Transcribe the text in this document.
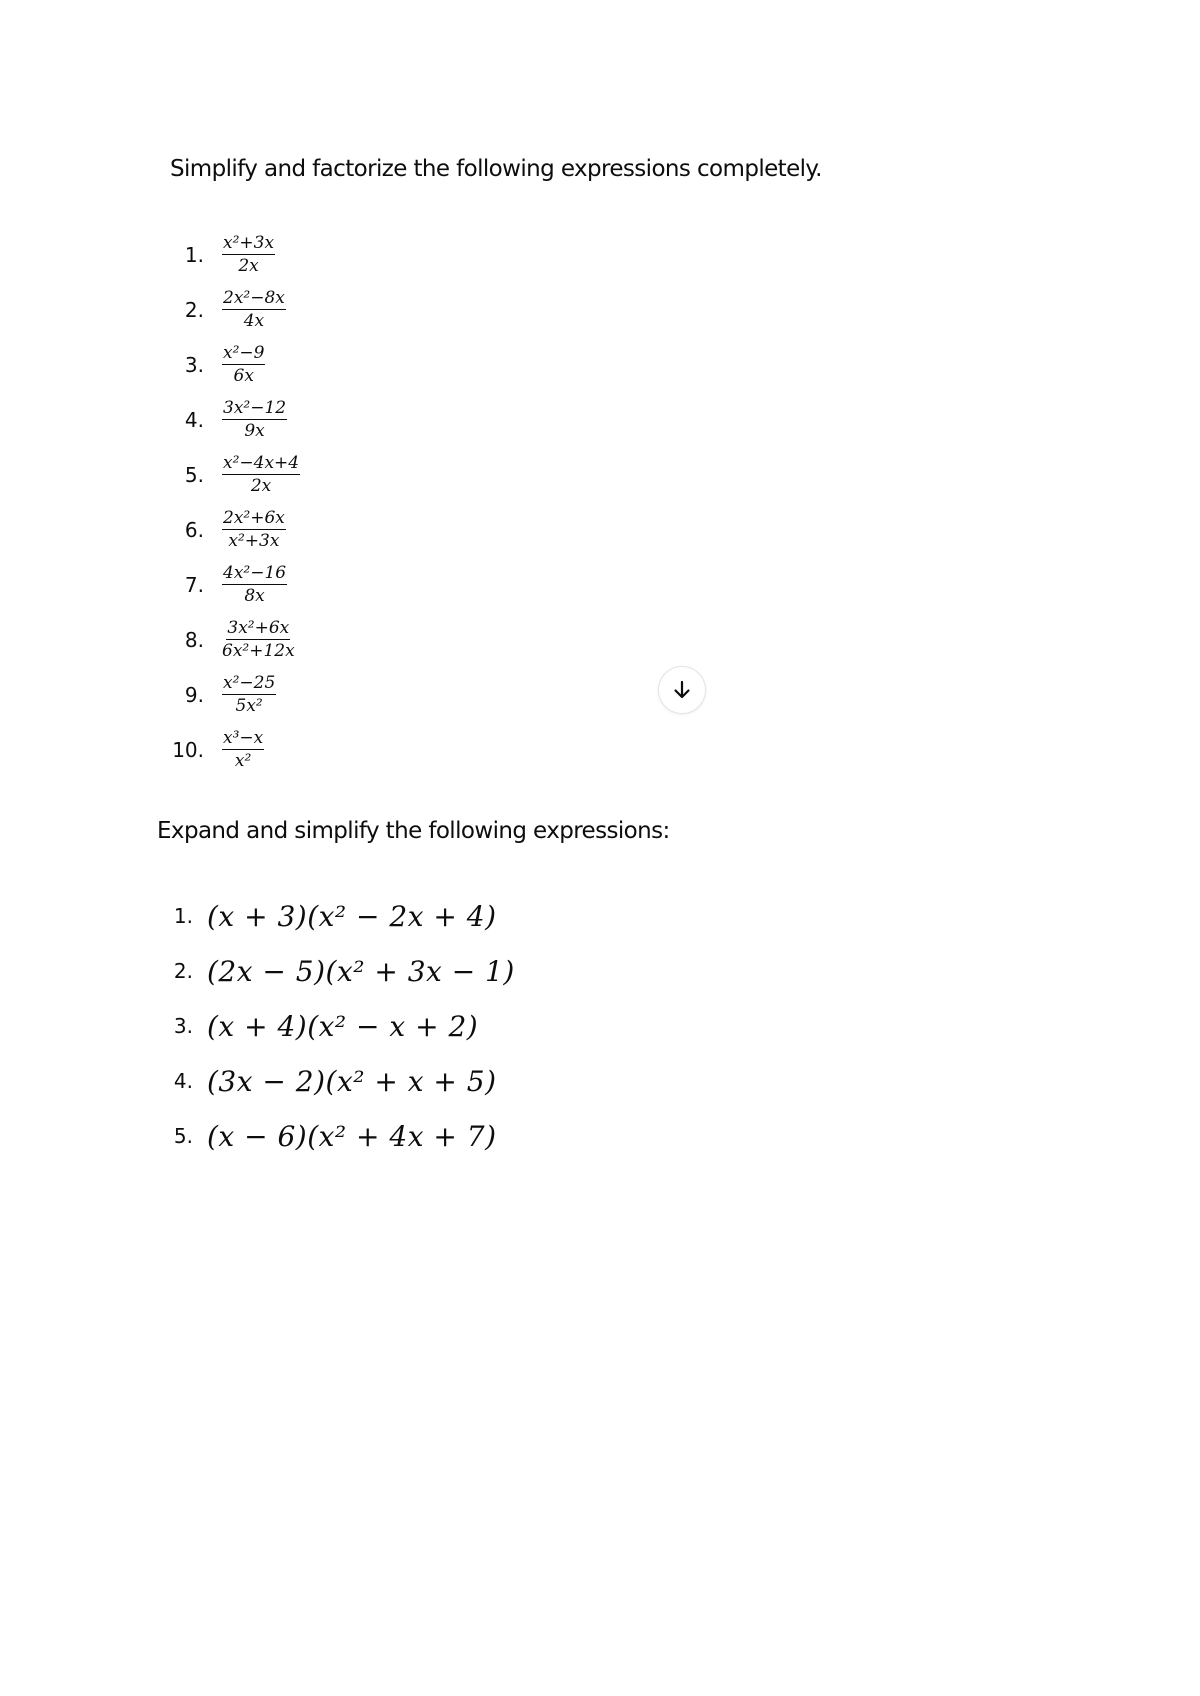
Simplify and factorize the following expressions completely.

1. $\frac{\text{x²+3x}}{2x}$
2. $\frac{\text{2x²−8x}}{4x}$
3. $\frac{\text{x²−9}}{6x}$
4. $\frac{\text{3x²−12}}{9x}$
5. $\frac{\text{x²−4x+4}}{2x}$
6. $\frac{\text{2x²+6x}}{\text{x²+3x}}$
7. $\frac{\text{4x²−16}}{8x}$
8. $\frac{\text{3x²+6x}}{\text{6x²+12x}}$
9. $\frac{\text{x²−25}}{\text{5x²}}$
10. $\frac{\text{x³−x}}{\text{x²}}$

Expand and simplify the following expressions:

1. (x + 3)(x² − 2x + 4)
2. (2x − 5)(x² + 3x − 1)
3. (x + 4)(x² − x + 2)
4. (3x − 2)(x² + x + 5)
5. (x − 6)(x² + 4x + 7)
